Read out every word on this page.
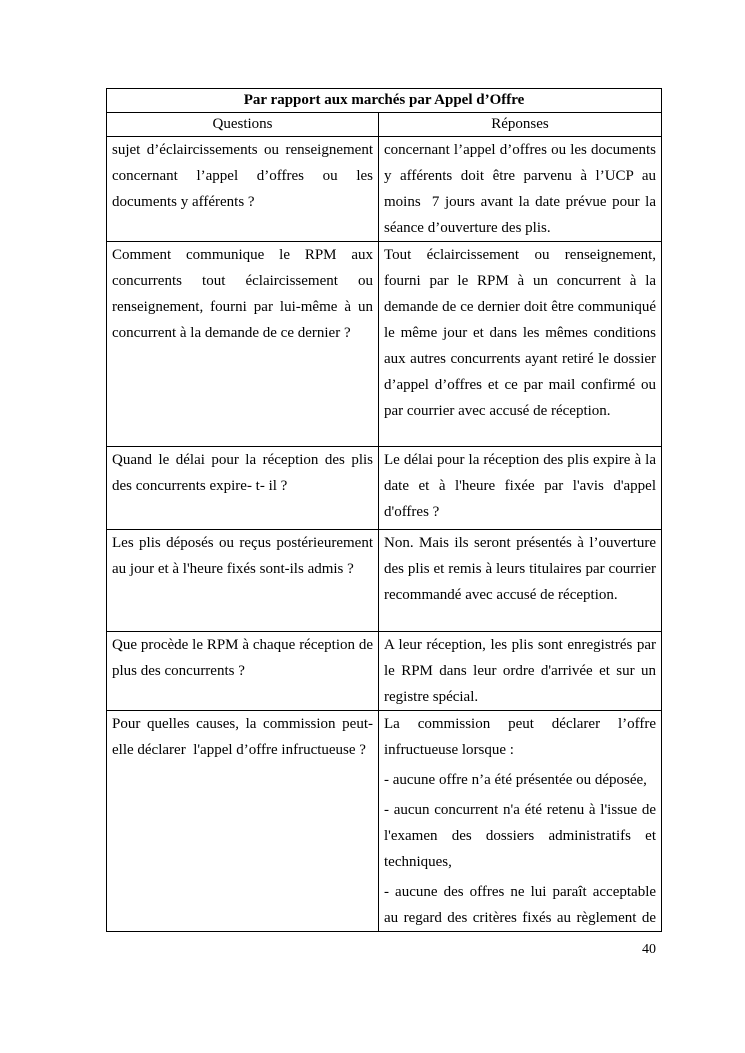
Par rapport aux marchés par Appel d’Offre	
Questions	Réponses

sujet d’éclaircissements ou renseignement concernant l’appel d’offres ou les documents y afférents ?	concernant l’appel d’offres ou les documents y afférents doit être parvenu à l’UCP au moins  7 jours avant la date prévue pour la séance d’ouverture des plis.

Comment communique le RPM aux concurrents tout éclaircissement ou renseignement, fourni par lui-même à un concurrent à la demande de ce dernier ?	Tout éclaircissement ou renseignement, fourni par le RPM à un concurrent à la demande de ce dernier doit être communiqué le même jour et dans les mêmes conditions aux autres concurrents ayant retiré le dossier d’appel d’offres et ce par mail confirmé ou par courrier avec accusé de réception.

Quand le délai pour la réception des plis des concurrents expire- t- il ?	Le délai pour la réception des plis expire à la date et à l'heure fixée par l'avis d'appel d'offres ?

Les plis déposés ou reçus postérieurement au jour et à l'heure fixés sont-ils admis ?	Non. Mais ils seront présentés à l’ouverture des plis et remis à leurs titulaires par courrier recommandé avec accusé de réception.

Que procède le RPM à chaque réception de plus des concurrents ?	A leur réception, les plis sont enregistrés par le RPM dans leur ordre d'arrivée et sur un registre spécial.

Pour quelles causes, la commission peut-elle déclarer  l'appel d’offre infructueuse ?	La commission peut déclarer l’offre infructueuse lorsque :

- aucune offre n’a été présentée ou déposée,

- aucun concurrent n'a été retenu à l'issue de l'examen des dossiers administratifs et techniques,

- aucune des offres ne lui paraît acceptable au regard des critères fixés au règlement de

40
